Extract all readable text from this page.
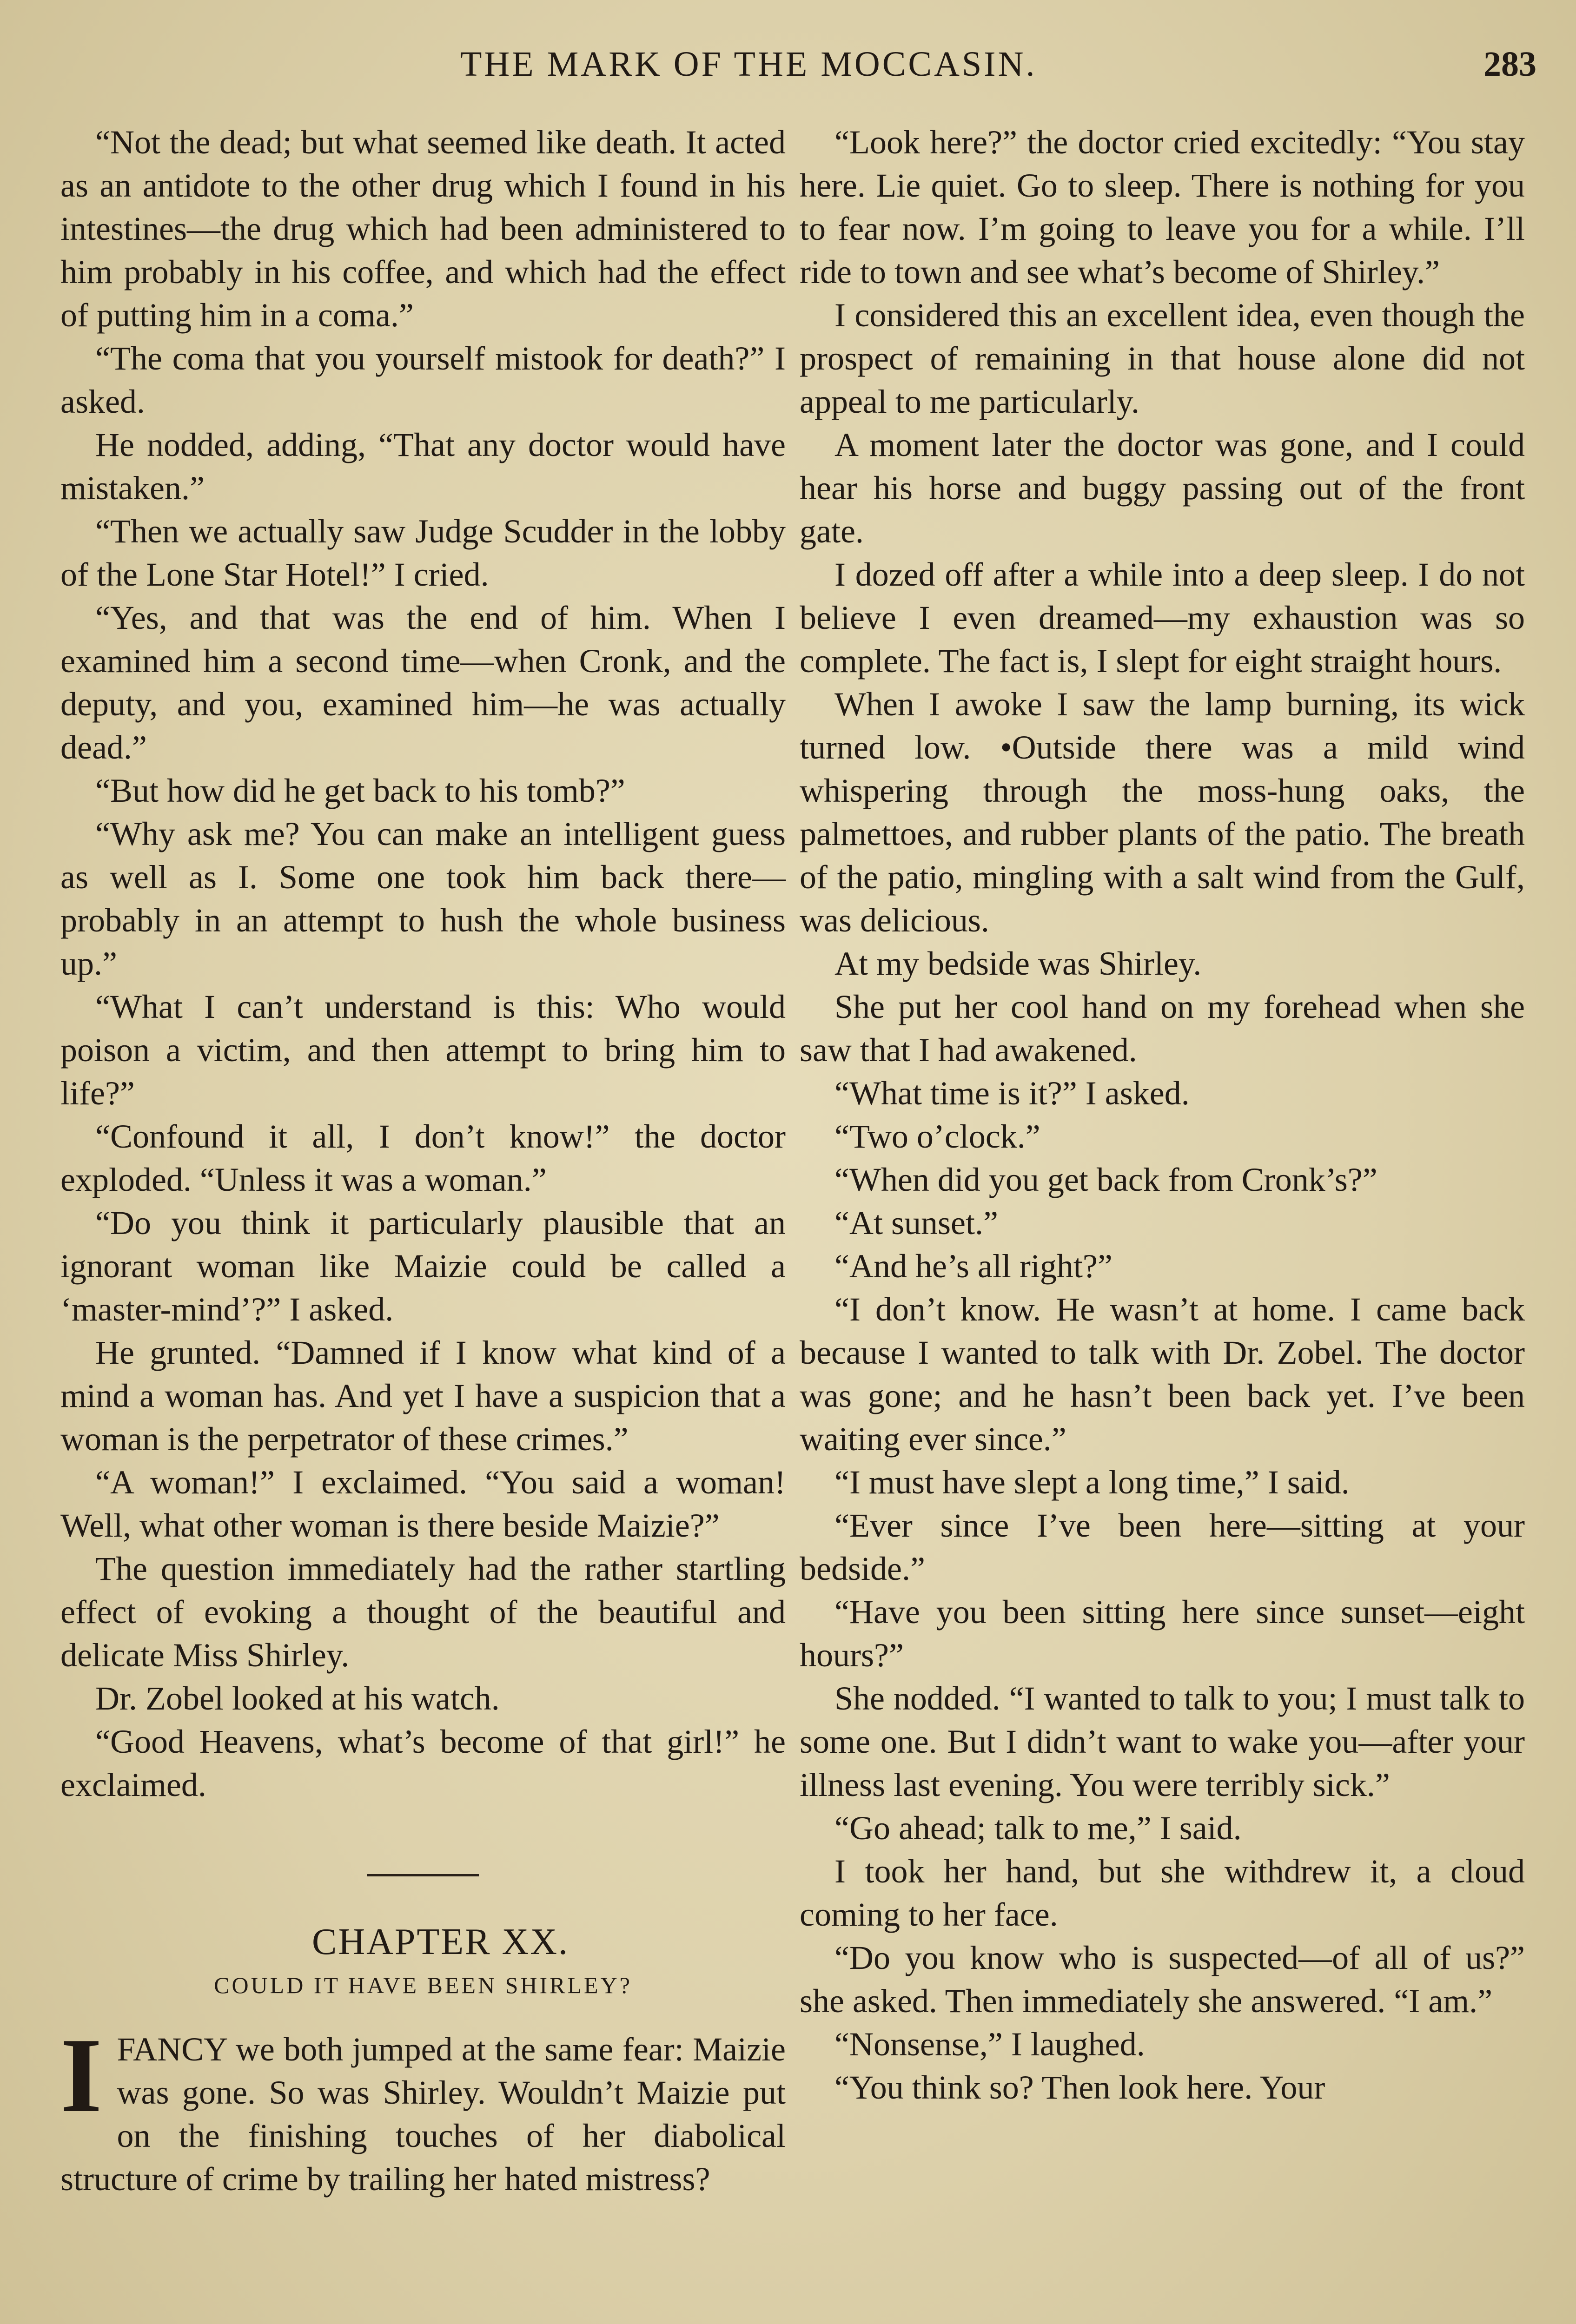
THE MARK OF THE MOCCASIN.	283

“Not the dead; but what seemed like death. It acted as an antidote to the other drug which I found in his intestines—the drug which had been administered to him probably in his coffee, and which had the effect of putting him in a coma.”

“The coma that you yourself mistook for death?” I asked.

He nodded, adding, “That any doctor would have mistaken.”

“Then we actually saw Judge Scudder in the lobby of the Lone Star Hotel!” I cried.

“Yes, and that was the end of him. When I examined him a second time—when Cronk, and the deputy, and you, examined him—he was actually dead.”

“But how did he get back to his tomb?”

“Why ask me? You can make an intelligent guess as well as I. Some one took him back there—probably in an attempt to hush the whole business up.”

“What I can’t understand is this: Who would poison a victim, and then attempt to bring him to life?”

“Confound it all, I don’t know!” the doctor exploded. “Unless it was a woman.”

“Do you think it particularly plausible that an ignorant woman like Maizie could be called a ‘master-mind’?” I asked.

He grunted. “Damned if I know what kind of a mind a woman has. And yet I have a suspicion that a woman is the perpetrator of these crimes.”

“A woman!” I exclaimed. “You said a woman! Well, what other woman is there beside Maizie?”

The question immediately had the rather startling effect of evoking a thought of the beautiful and delicate Miss Shirley.

Dr. Zobel looked at his watch.

“Good Heavens, what’s become of that girl!” he exclaimed.

CHAPTER XX.

COULD IT HAVE BEEN SHIRLEY?

IFANCY we both jumped at the same fear: Maizie was gone. So was Shirley. Wouldn’t Maizie put on the finishing touches of her diabolical structure of crime by trailing her hated mistress?

“Look here?” the doctor cried excitedly: “You stay here. Lie quiet. Go to sleep. There is nothing for you to fear now. I’m going to leave you for a while. I’ll ride to town and see what’s become of Shirley.”

I considered this an excellent idea, even though the prospect of remaining in that house alone did not appeal to me particularly.

A moment later the doctor was gone, and I could hear his horse and buggy passing out of the front gate.

I dozed off after a while into a deep sleep. I do not believe I even dreamed—my exhaustion was so complete. The fact is, I slept for eight straight hours.

When I awoke I saw the lamp burning, its wick turned low. •Outside there was a mild wind whispering through the moss-hung oaks, the palmettoes, and rubber plants of the patio. The breath of the patio, mingling with a salt wind from the Gulf, was delicious.

At my bedside was Shirley.

She put her cool hand on my forehead when she saw that I had awakened.

“What time is it?” I asked.

“Two o’clock.”

“When did you get back from Cronk’s?”

“At sunset.”

“And he’s all right?”

“I don’t know. He wasn’t at home. I came back because I wanted to talk with Dr. Zobel. The doctor was gone; and he hasn’t been back yet. I’ve been waiting ever since.”

“I must have slept a long time,” I said.

“Ever since I’ve been here—sitting at your bedside.”

“Have you been sitting here since sunset—eight hours?”

She nodded. “I wanted to talk to you; I must talk to some one. But I didn’t want to wake you—after your illness last evening. You were terribly sick.”

“Go ahead; talk to me,” I said.

I took her hand, but she withdrew it, a cloud coming to her face.

“Do you know who is suspected—of all of us?” she asked. Then immediately she answered. “I am.”

“Nonsense,” I laughed.

“You think so? Then look here. Your
